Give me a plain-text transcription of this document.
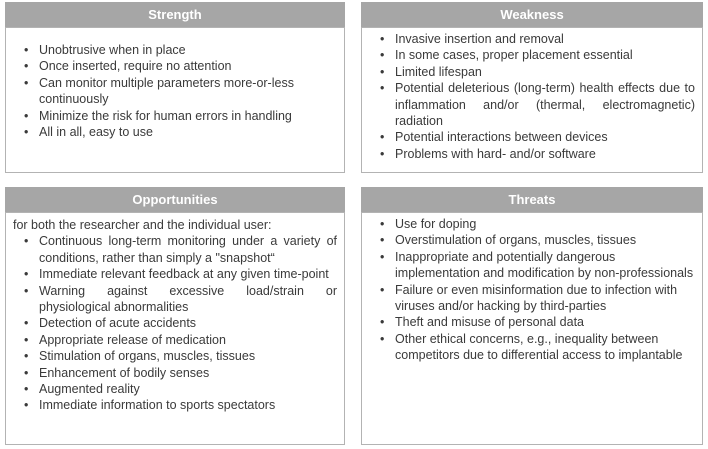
Strength
• Unobtrusive when in place
• Once inserted, require no attention
• Can monitor multiple parameters more-or-less continuously
• Minimize the risk for human errors in handling
• All in all, easy to use
Weakness
• Invasive insertion and removal
• In some cases, proper placement essential
• Limited lifespan
• Potential deleterious (long-term) health effects due to inflammation and/or (thermal, electromagnetic) radiation
• Potential interactions between devices
• Problems with hard- and/or software
Opportunities

for both the researcher and the individual user:

• Continuous long-term monitoring under a variety of conditions, rather than simply a "snapshot“
• Immediate relevant feedback at any given time-point
• Warning against excessive load/strain or physiological abnormalities
• Detection of acute accidents
• Appropriate release of medication
• Stimulation of organs, muscles, tissues
• Enhancement of bodily senses
• Augmented reality
• Immediate information to sports spectators
Threats
• Use for doping
• Overstimulation of organs, muscles, tissues
• Inappropriate and potentially dangerous implementation and modification by non-professionals
• Failure or even misinformation due to infection with viruses and/or hacking by third-parties
• Theft and misuse of personal data
• Other ethical concerns, e.g., inequality between competitors due to differential access to implantable
